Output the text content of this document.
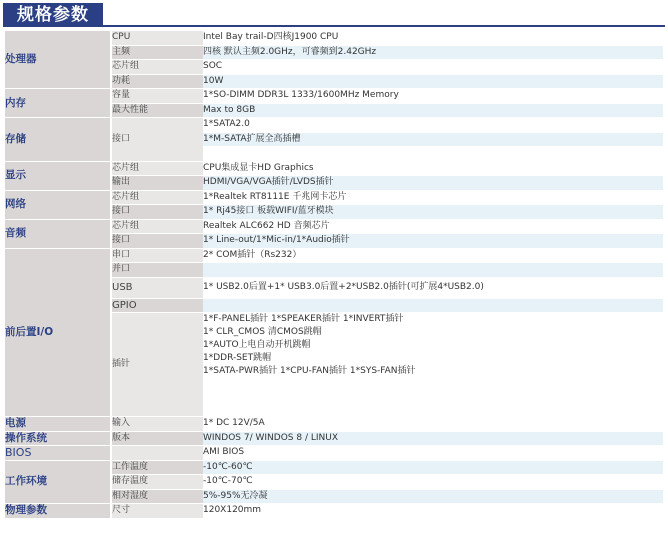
规格参数
处理器	CPU	Intel Bay trail-D四核J1900 CPU
	主频	四核 默认主频2.0GHz，可睿频到2.42GHz
	芯片组	SOC
	功耗	10W
内存	容量	1*SO-DIMM DDR3L 1333/1600MHz Memory
	最大性能	Max to 8GB
存储	接口	1*SATA2.0
		1*M-SATA扩展全高插槽

显示	芯片组	CPU集成显卡HD Graphics
	输出	HDMI/VGA/VGA插针/LVDS插针
网络	芯片组	1*Realtek RT8111E 千兆网卡芯片
	接口	1* Rj45接口 板载WIFI/蓝牙模块
音频	芯片组	Realtek ALC662 HD 音频芯片
	接口	1* Line-out/1*Mic-in/1*Audio插针
前后置I/O	串口	2* COM插针（Rs232）
	并口	
	USB	1* USB2.0后置+1* USB3.0后置+2*USB2.0插针(可扩展4*USB2.0)
	GPIO	
	插针	1*F-PANEL插针 1*SPEAKER插针 1*INVERT插针
1* CLR_CMOS 清CMOS跳帽
1*AUTO上电自动开机跳帽
1*DDR-SET跳帽
1*SATA-PWR插针 1*CPU-FAN插针 1*SYS-FAN插针

电源	输入	1* DC 12V/5A
操作系统	版本	WINDOS 7/ WINDOS 8 / LINUX
BIOS		AMI BIOS
工作环境	工作温度	-10℃-60℃
	储存温度	-10℃-70℃
	相对湿度	5%-95%无冷凝
物理参数	尺寸	120X120mm
